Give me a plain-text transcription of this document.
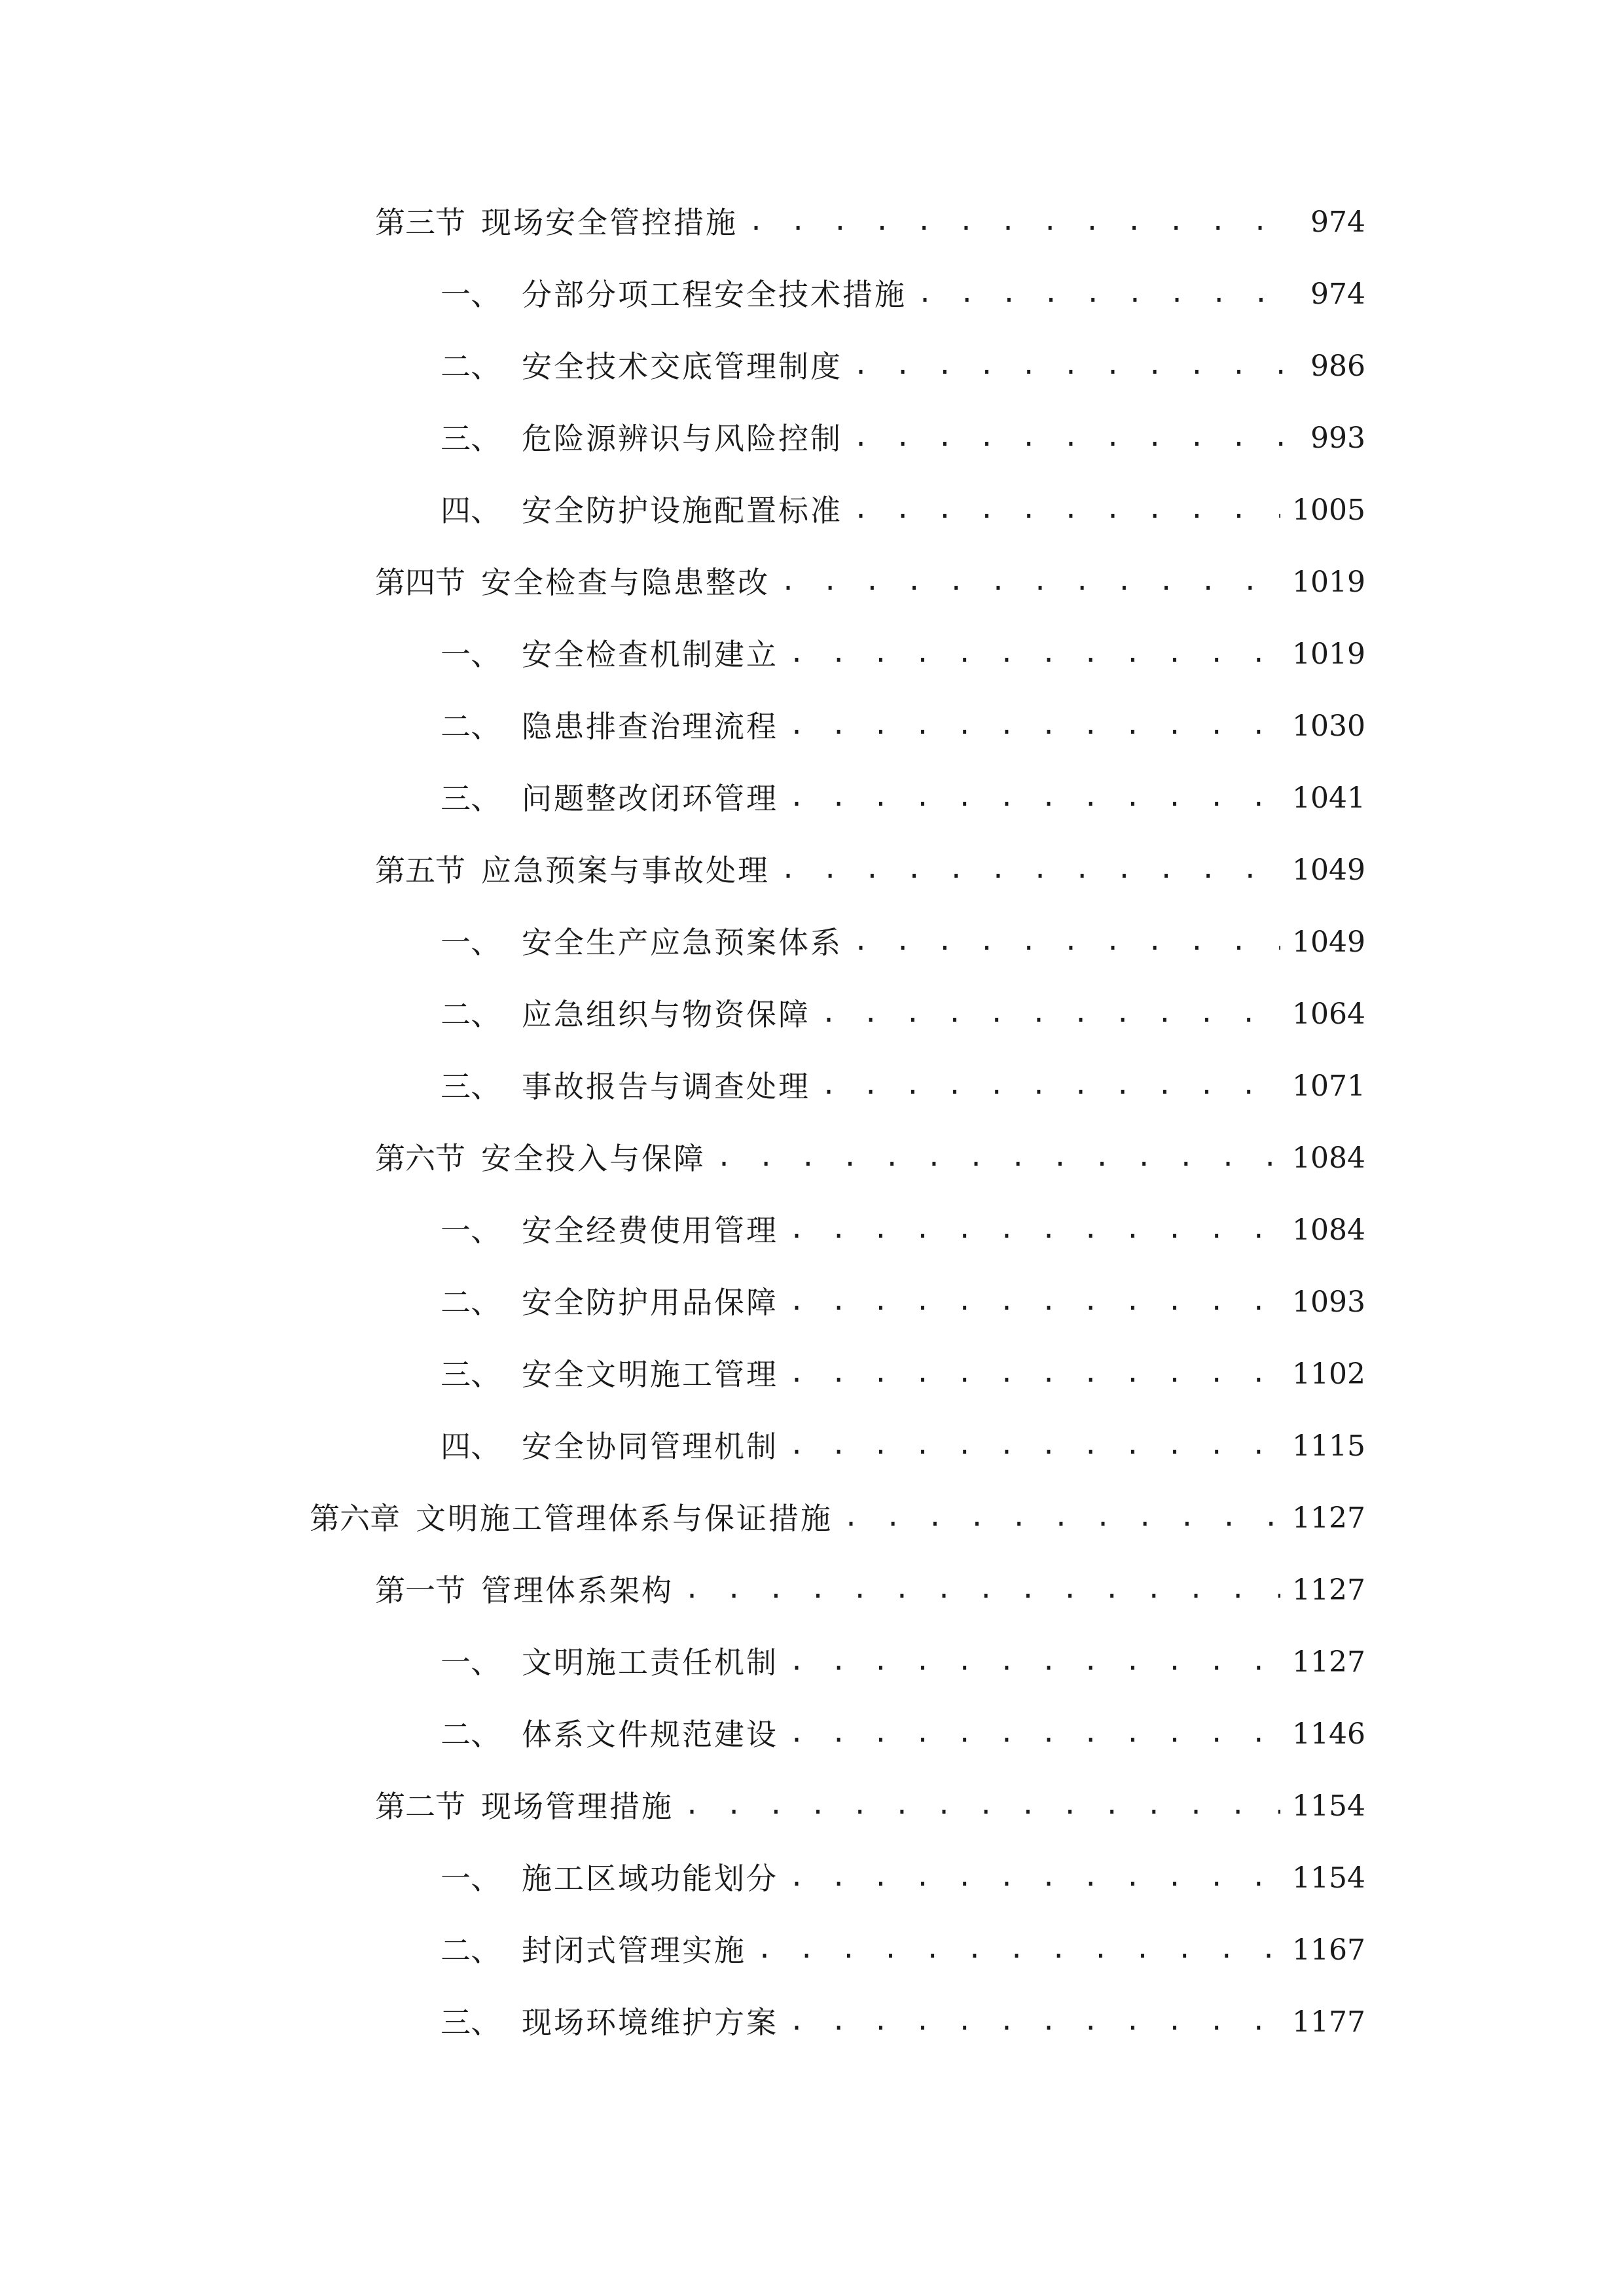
第三节 现场安全管控措施 . . .	974
一、 分部分项工程安全技术措施 . . .	974
二、 安全技术交底管理制度 . . .	986
三、 危险源辨识与风险控制 . . .	993
四、 安全防护设施配置标准 . . .	1005
第四节 安全检查与隐患整改 . . .	1019
一、 安全检查机制建立 . . .	1019
二、 隐患排查治理流程 . . .	1030
三、 问题整改闭环管理 . . .	1041
第五节 应急预案与事故处理 . . .	1049
一、 安全生产应急预案体系 . . .	1049
二、 应急组织与物资保障 . . .	1064
三、 事故报告与调查处理 . . .	1071
第六节 安全投入与保障 . . .	1084
一、 安全经费使用管理 . . .	1084
二、 安全防护用品保障 . . .	1093
三、 安全文明施工管理 . . .	1102
四、 安全协同管理机制 . . .	1115
第六章 文明施工管理体系与保证措施 . . .	1127
第一节 管理体系架构 . . .	1127
一、 文明施工责任机制 . . .	1127
二、 体系文件规范建设 . . .	1146
第二节 现场管理措施 . . .	1154
一、 施工区域功能划分 . . .	1154
二、 封闭式管理实施 . . .	1167
三、 现场环境维护方案 . . .	1177
